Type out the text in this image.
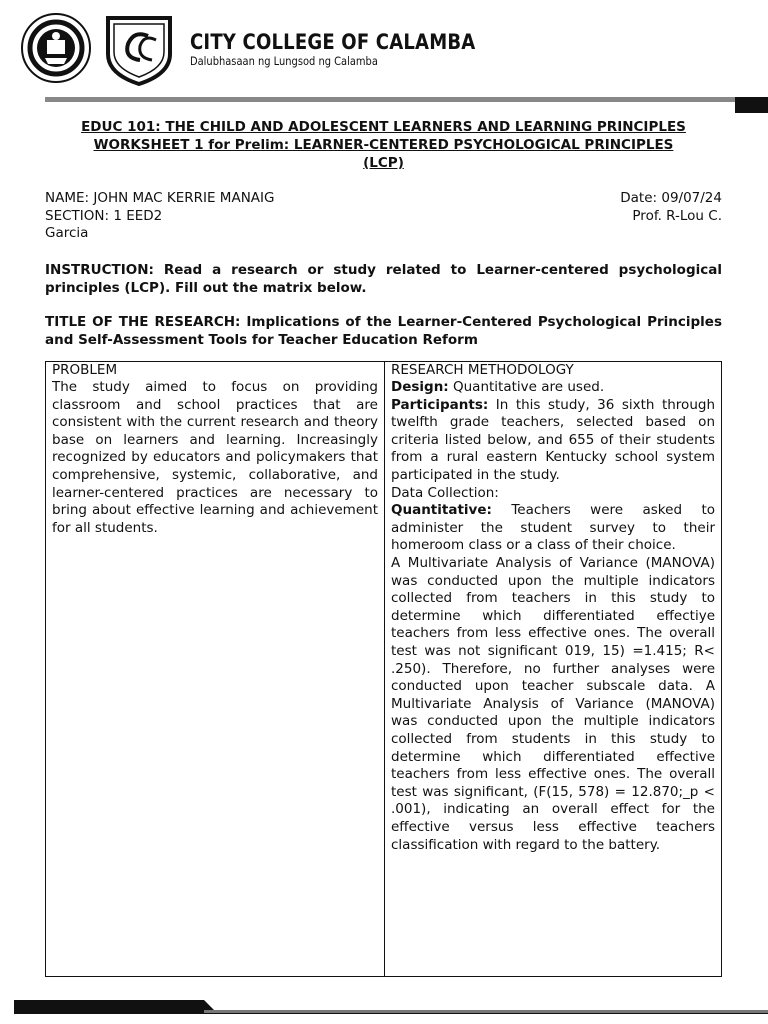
CITY COLLEGE OF CALAMBA
Dalubhasaan ng Lungsod ng Calamba
EDUC 101: THE CHILD AND ADOLESCENT LEARNERS AND LEARNING PRINCIPLES
WORKSHEET 1 for Prelim: LEARNER-CENTERED PSYCHOLOGICAL PRINCIPLES
(LCP)
NAME: JOHN MAC KERRIE MANAIG	Date: 09/07/24
SECTION: 1 EED2	Prof. R-Lou C.
Garcia

INSTRUCTION: Read a research or study related to Learner-centered psychological principles (LCP). Fill out the matrix below.

TITLE OF THE RESEARCH: Implications of the Learner-Centered Psychological Principles and Self-Assessment Tools for Teacher Education Reform

PROBLEM

The study aimed to focus on providing classroom and school practices that are consistent with the current research and theory base on learners and learning. Increasingly recognized by educators and policymakers that comprehensive, systemic, collaborative, and learner-centered practices are necessary to bring about effective learning and achievement for all students.

RESEARCH METHODOLOGY

Design: Quantitative are used.

Participants: In this study, 36 sixth through twelfth grade teachers, selected based on criteria listed below, and 655 of their students from a rural eastern Kentucky school system participated in the study.

Data Collection:

Quantitative: Teachers were asked to administer the student survey to their homeroom class or a class of their choice.

A Multivariate Analysis of Variance (MANOVA) was conducted upon the multiple indicators collected from teachers in this study to determine which differentiated effectiye teachers from less effective ones. The overall test was not significant 019, 15) =1.415; R< .250). Therefore, no further analyses were conducted upon teacher subscale data. A Multivariate Analysis of Variance (MANOVA) was conducted upon the multiple indicators collected from students in this study to determine which differentiated effective teachers from less effective ones. The overall test was significant, (F(15, 578) = 12.870;_p < .001), indicating an overall effect for the effective versus less effective teachers classification with regard to the battery.
